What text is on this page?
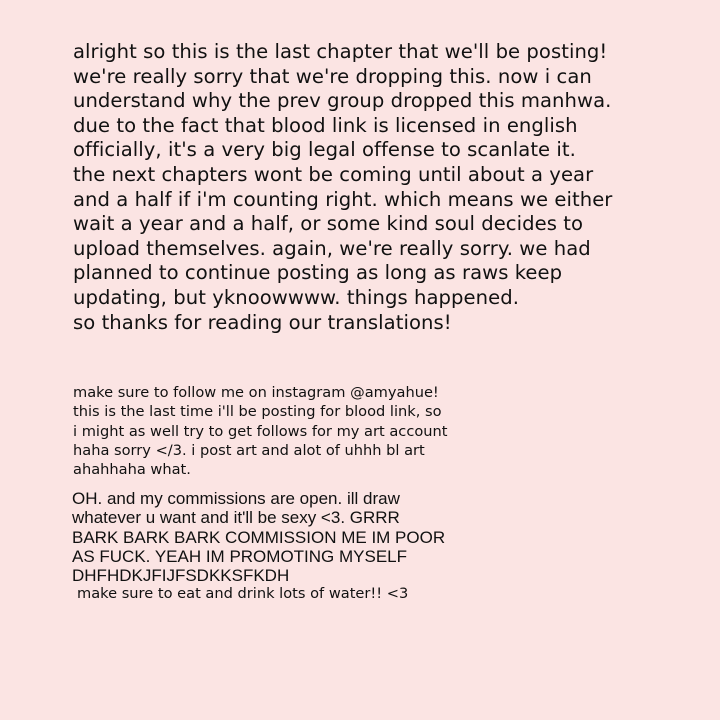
alright so this is the last chapter that we'll be posting!
we're really sorry that we're dropping this. now i can
understand why the prev group dropped this manhwa.
due to the fact that blood link is licensed in english
officially, it's a very big legal offense to scanlate it.
the next chapters wont be coming until about a year
and a half if i'm counting right. which means we either
wait a year and a half, or some kind soul decides to
upload themselves. again, we're really sorry. we had
planned to continue posting as long as raws keep
updating, but yknoowwww. things happened.
so thanks for reading our translations!
make sure to follow me on instagram @amyahue!
this is the last time i'll be posting for blood link, so
i might as well try to get follows for my art account
haha sorry </3. i post art and alot of uhhh bl art
ahahhaha what.
OH. and my commissions are open. ill draw
whatever u want and it'll be sexy <3. GRRR
BARK BARK BARK COMMISSION ME IM POOR
AS FUCK. YEAH IM PROMOTING MYSELF
DHFHDKJFIJFSDKKSFKDH
make sure to eat and drink lots of water!! <3
